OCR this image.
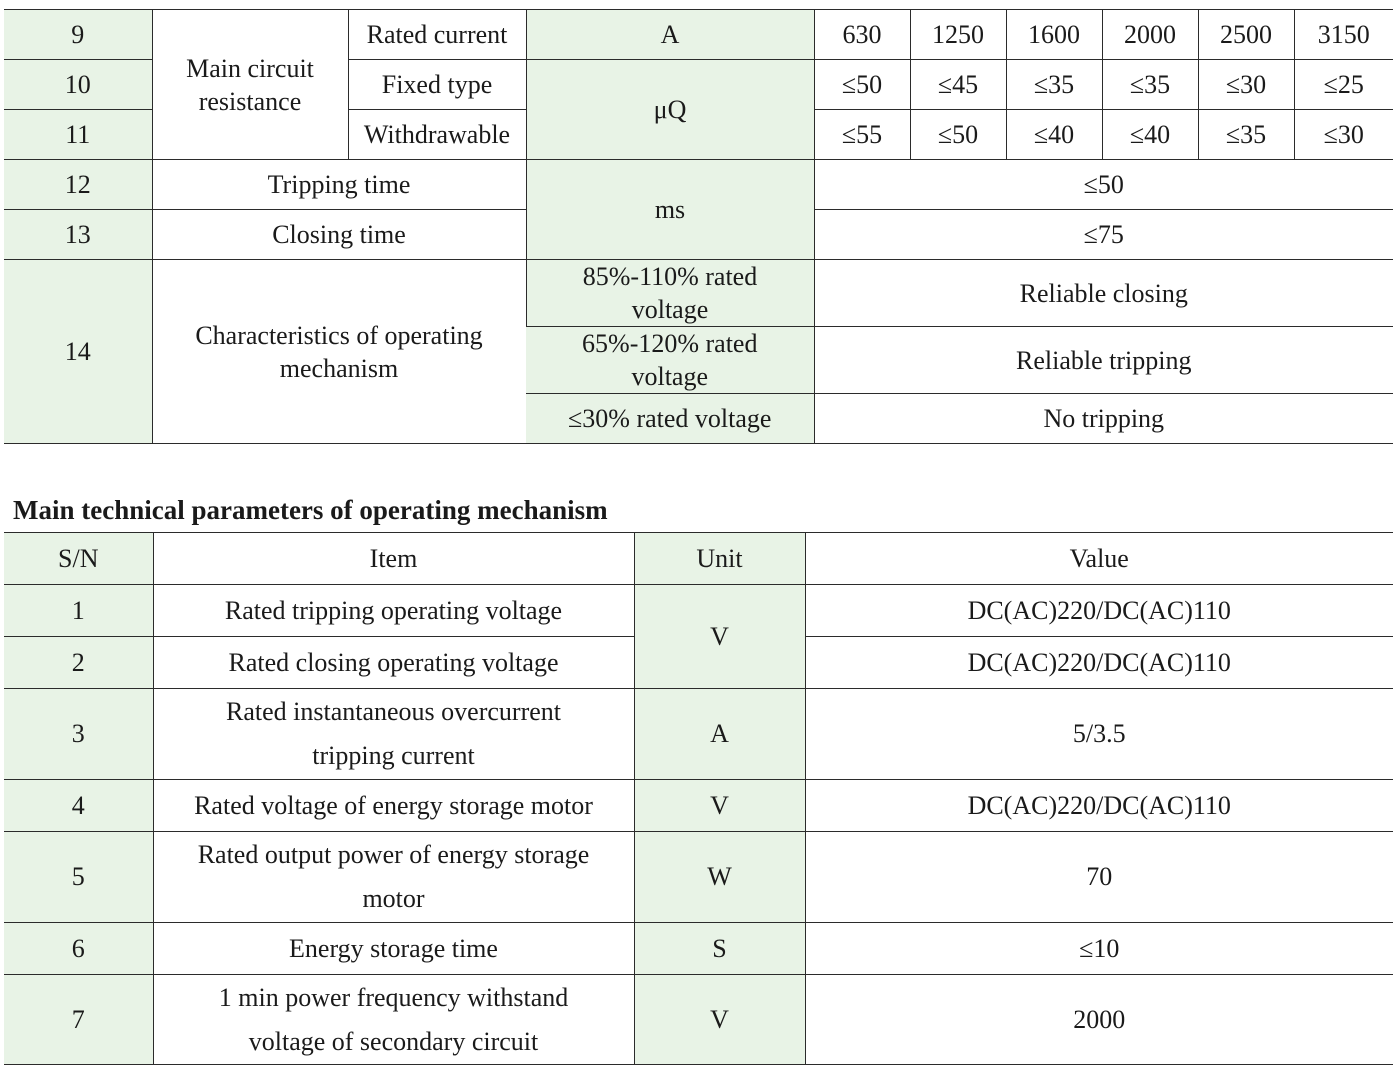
9	Main circuit resistance	Rated current	A	630	1250	1600	2000	2500	3150
10		Fixed type	μQ	≤50	≤45	≤35	≤35	≤30	≤25
11		Withdrawable		≤55	≤50	≤40	≤40	≤35	≤30
12	Tripping time		ms	≤50					
13	Closing time			≤75					
14	Characteristics of operating mechanism		85%-110% rated voltage	Reliable closing					
			65%-120% rated voltage	Reliable tripping					
			≤30% rated voltage	No tripping					
Main technical parameters of operating mechanism
S/N	Item	Unit	Value
1	Rated tripping operating voltage	V	DC(AC)220/DC(AC)110
2	Rated closing operating voltage		DC(AC)220/DC(AC)110
3	Rated instantaneous overcurrent tripping current	A	5/3.5
4	Rated voltage of energy storage motor	V	DC(AC)220/DC(AC)110
5	Rated output power of energy storage motor	W	70
6	Energy storage time	S	≤10
7	1 min power frequency withstand voltage of secondary circuit	V	2000
